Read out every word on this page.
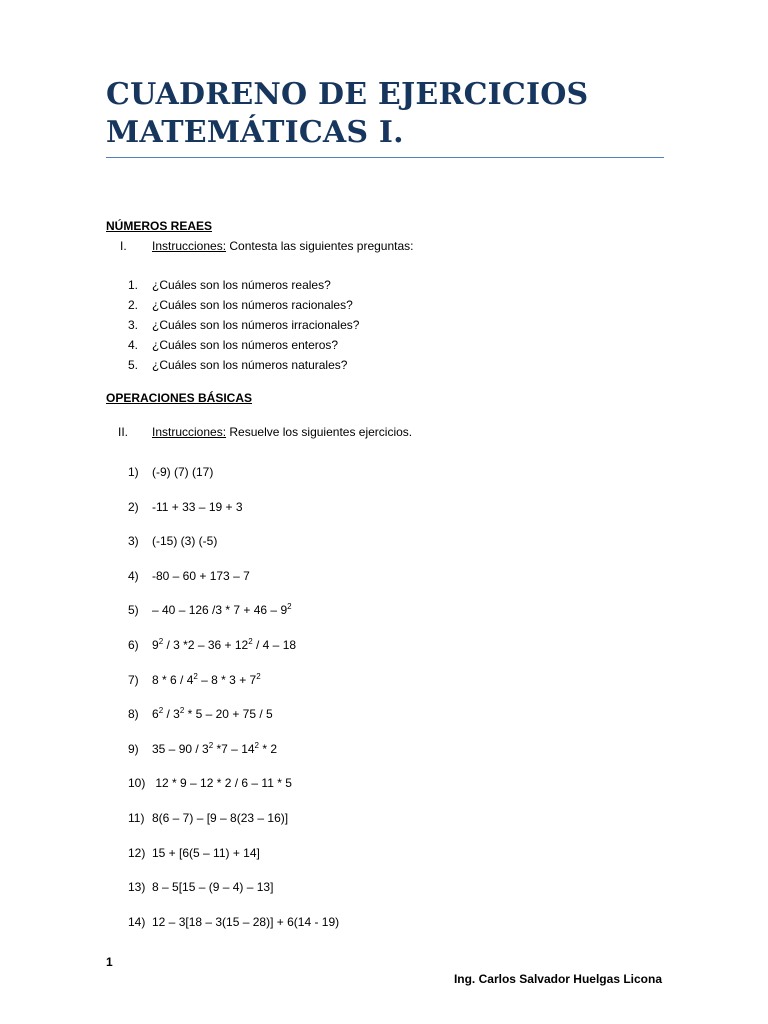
CUADRENO DE EJERCICIOS
MATEMÁTICAS I.

NÚMEROS REAES

I. Instrucciones: Contesta las siguientes preguntas:
1. ¿Cuáles son los números reales?
2. ¿Cuáles son los números racionales?
3. ¿Cuáles son los números irracionales?
4. ¿Cuáles son los números enteros?
5. ¿Cuáles son los números naturales?

OPERACIONES BÁSICAS

II. Instrucciones: Resuelve los siguientes ejercicios.
1) (-9) (7) (17)
2) -11 + 33 – 19 + 3
3) (-15) (3) (-5)
4) -80 – 60 + 173 – 7
5) – 40 – 126 $/3 * 7 + 46 - 9^2$
6) $9^2 / 3$ $*2 - 36 + 12^2 / 4 - 18$
7) $8 * 6 / 4^2 - 8 * 3 + 7^2$
8) $6^2 / 3^2 * 5 - 20 + 75 / 5$
9) $35 - 90 / 3^2$ $*7 - 14^2 * 2$
10) 12 * 9 – 12 * 2 / 6 – 11 * 5
11) 8(6 – 7) – [9 – 8(23 – 16)]
12) 15 + [6(5 – 11) + 14]
13) 8 – 5[15 – (9 – 4) – 13]
14) 12 – 3[18 – 3(15 – 28)] + 6(14 - 19)
1
Ing. Carlos Salvador Huelgas Licona
